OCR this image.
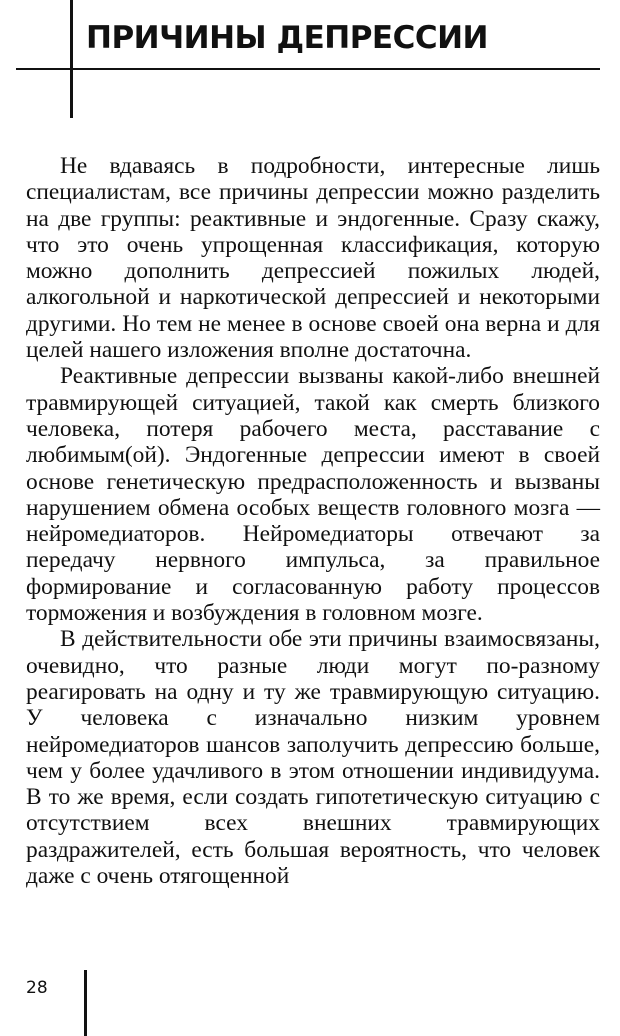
ПРИЧИНЫ ДЕПРЕССИИ

Не вдаваясь в подробности, интересные лишь специалистам, все причины депрессии можно разделить на две группы: реактивные и эндогенные. Сразу скажу, что это очень упрощенная классификация, которую можно дополнить депрессией пожилых людей, алкогольной и наркотической депрессией и некоторыми другими. Но тем не менее в основе своей она верна и для целей нашего изложения вполне достаточна.

Реактивные депрессии вызваны какой-либо внешней травмирующей ситуацией, такой как смерть близкого человека, потеря рабочего места, расставание с любимым(ой). Эндогенные депрессии имеют в своей основе генетическую предрасположенность и вызваны нарушением обмена особых веществ головного мозга — нейромедиаторов. Нейромедиаторы отвечают за передачу нервного импульса, за правильное формирование и согласованную работу процессов торможения и возбуждения в головном мозге.

В действительности обе эти причины взаимосвязаны, очевидно, что разные люди могут по-разному реагировать на одну и ту же травмирующую ситуацию. У человека с изначально низким уровнем нейромедиаторов шансов заполучить депрессию больше, чем у более удачливого в этом отношении индивидуума. В то же время, если создать гипотетическую ситуацию с отсутствием всех внешних травмирующих раздражителей, есть большая вероятность, что человек даже с очень отягощенной

28
